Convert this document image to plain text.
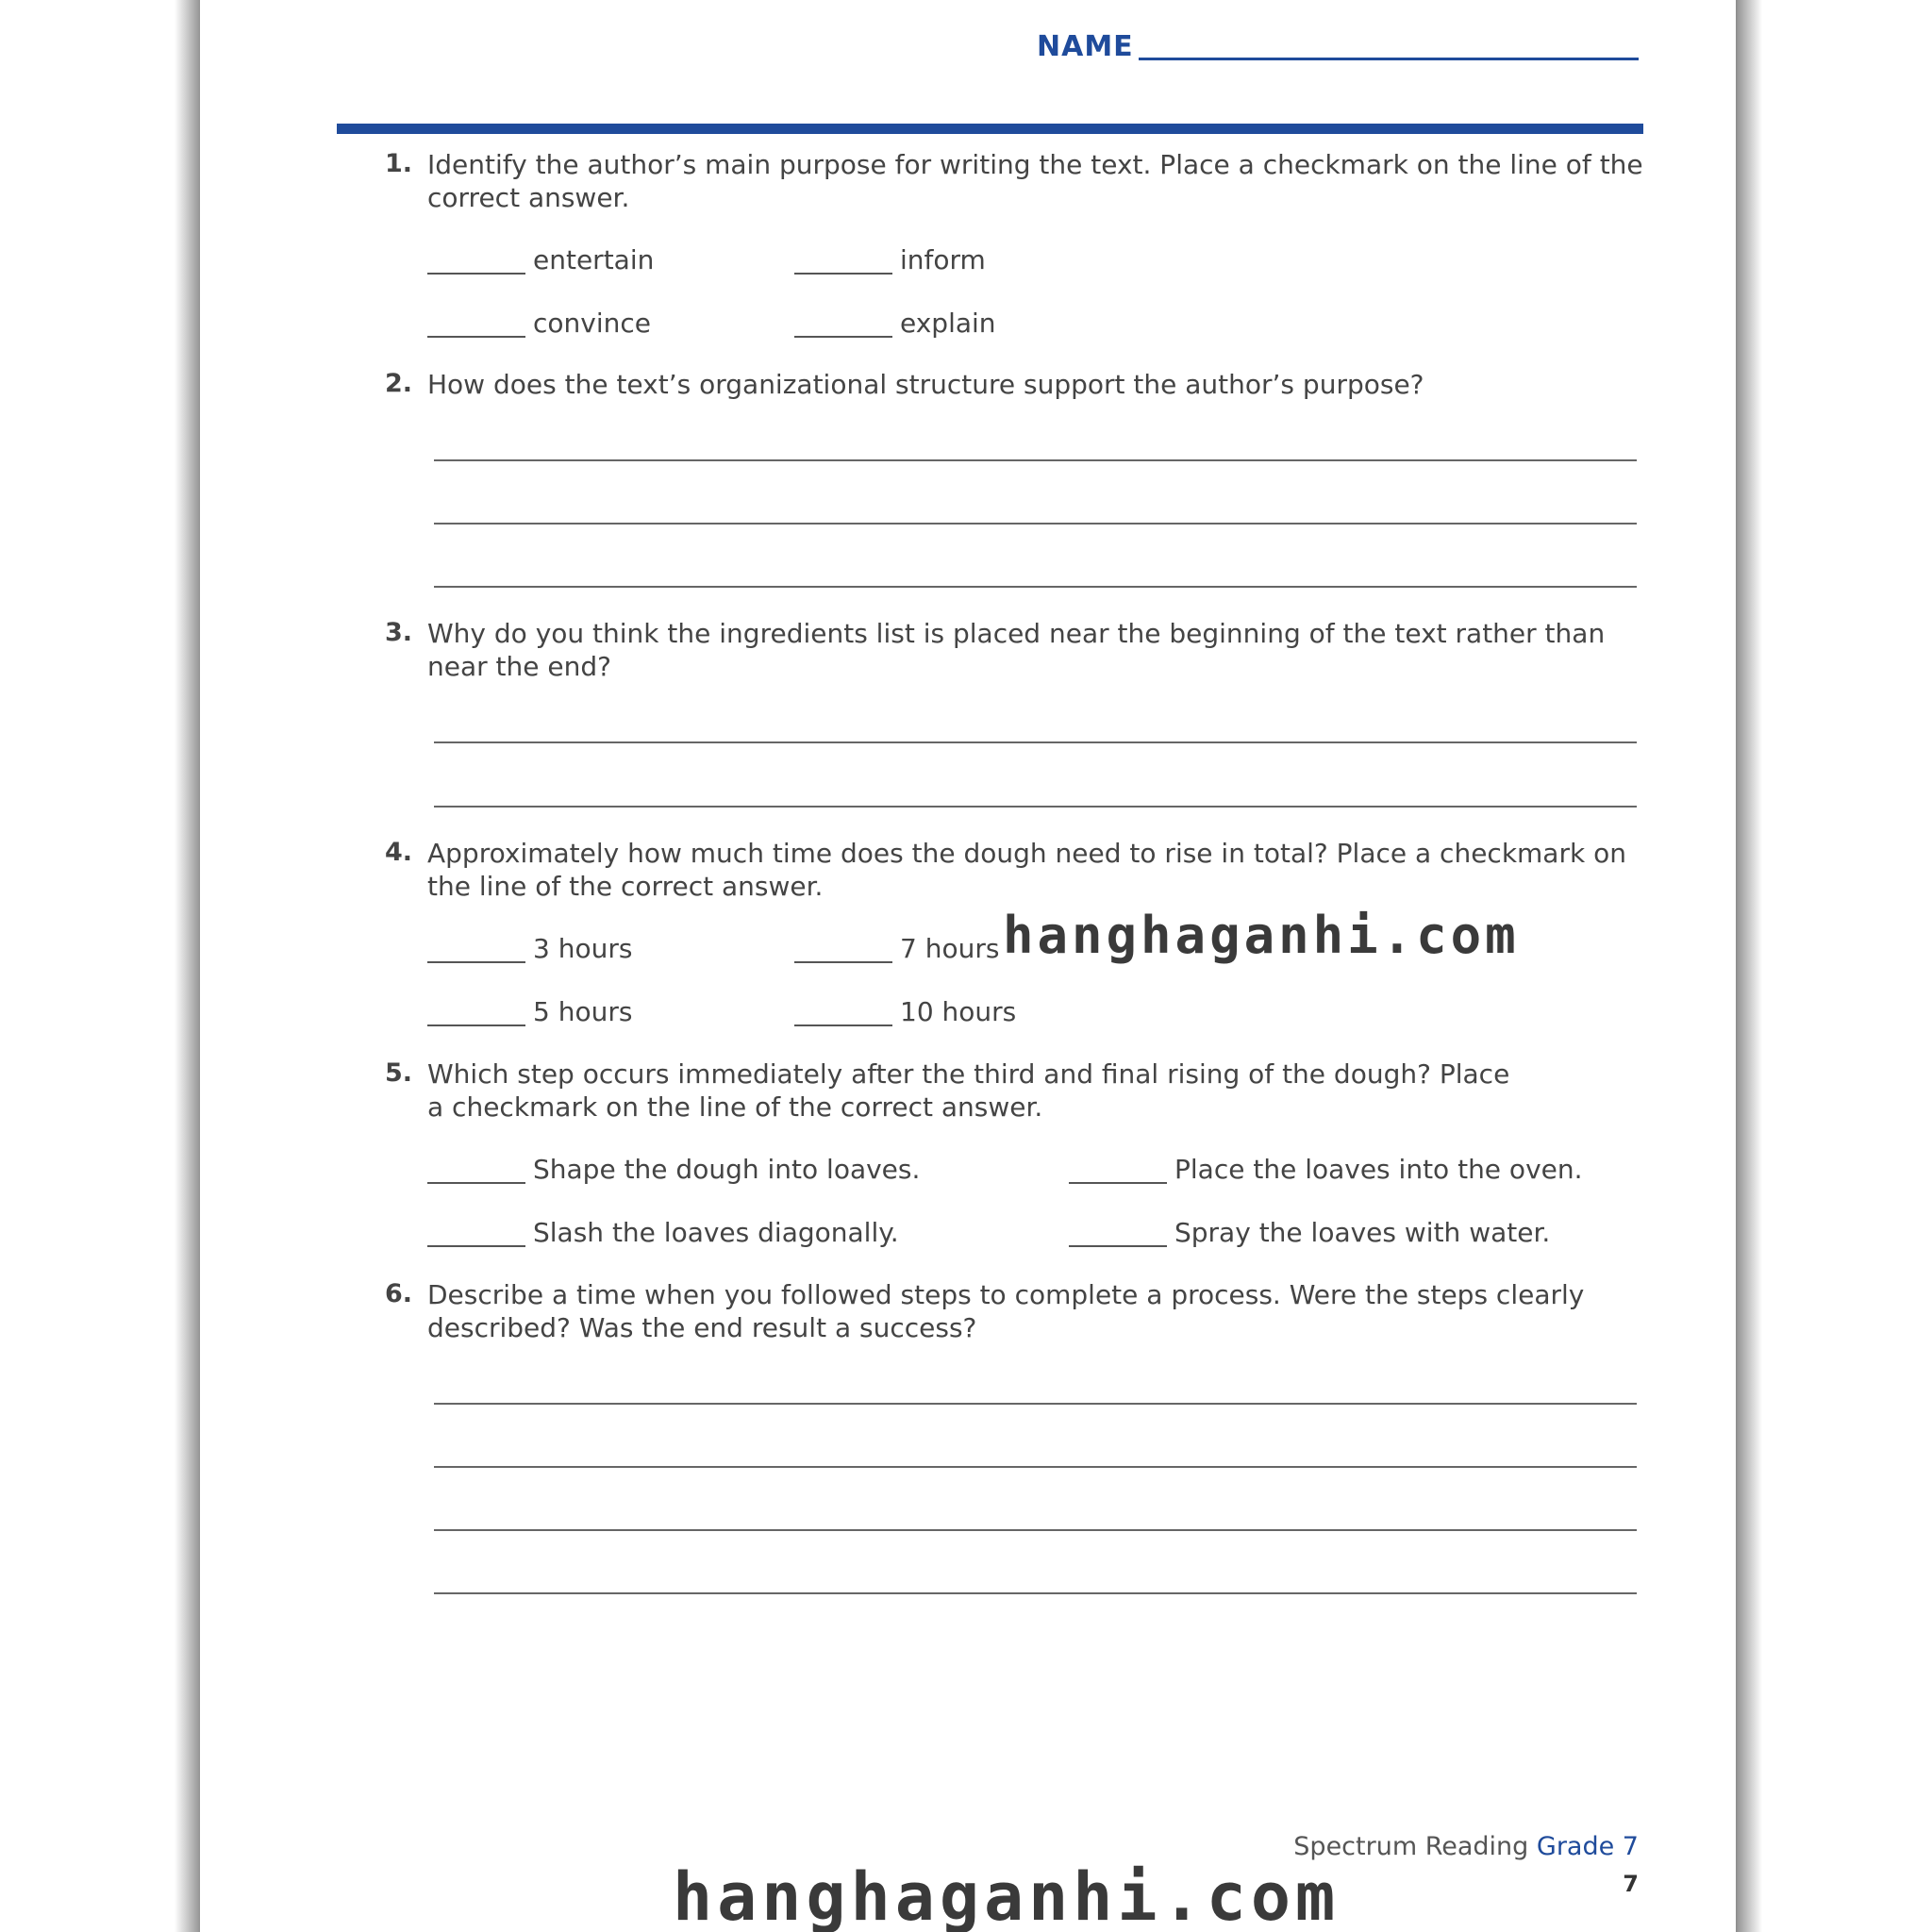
NAME
1. Identify the author’s main purpose for writing the text. Place a checkmark on the line of the correct answer.
entertain	inform
convince	explain
2. How does the text’s organizational structure support the author’s purpose?
3. Why do you think the ingredients list is placed near the beginning of the text rather than near the end?
4. Approximately how much time does the dough need to rise in total? Place a checkmark on the line of the correct answer.
3 hours	7 hours
5 hours	10 hours
5. Which step occurs immediately after the third and final rising of the dough? Place a checkmark on the line of the correct answer.
Shape the dough into loaves.	Place the loaves into the oven.
Slash the loaves diagonally.	Spray the loaves with water.
6. Describe a time when you followed steps to complete a process. Were the steps clearly described? Was the end result a success?
Spectrum Reading Grade 7
7
hanghaganhi.com
hanghaganhi.com
